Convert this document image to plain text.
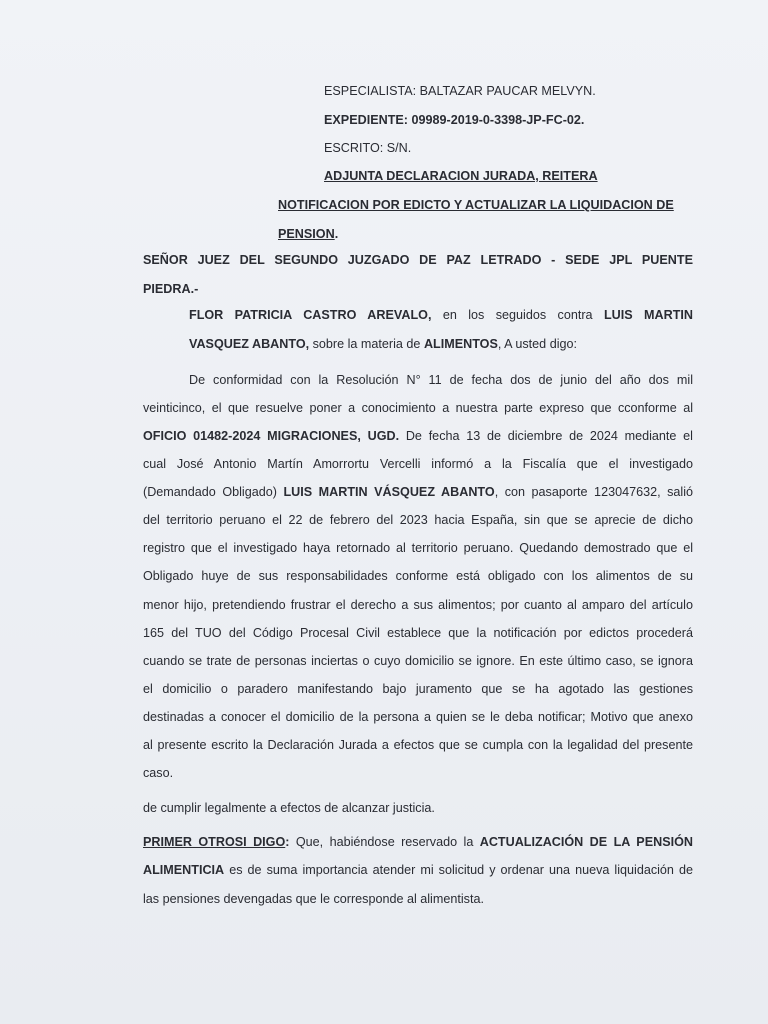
ESPECIALISTA: BALTAZAR PAUCAR MELVYN.
EXPEDIENTE: 09989-2019-0-3398-JP-FC-02.
ESCRITO: S/N.
ADJUNTA DECLARACION JURADA, REITERA
NOTIFICACION POR EDICTO Y ACTUALIZAR LA LIQUIDACION DE
PENSION.
SEÑOR JUEZ DEL SEGUNDO JUZGADO DE PAZ LETRADO - SEDE JPL PUENTE
PIEDRA.-
FLOR PATRICIA CASTRO AREVALO, en los seguidos contra LUIS MARTIN
VASQUEZ ABANTO, sobre la materia de ALIMENTOS, A usted digo:
De conformidad con la Resolución N° 11 de fecha dos de junio del año dos mil
veinticinco, el que resuelve poner a conocimiento a nuestra parte expreso que cconforme al
OFICIO 01482-2024 MIGRACIONES, UGD. De fecha 13 de diciembre de 2024 mediante el
cual José Antonio Martín Amorrortu Vercelli informó a la Fiscalía que el investigado
(Demandado Obligado) LUIS MARTIN VÁSQUEZ ABANTO, con pasaporte 123047632, salió
del territorio peruano el 22 de febrero del 2023 hacia España, sin que se aprecie de dicho
registro que el investigado haya retornado al territorio peruano. Quedando demostrado que el
Obligado huye de sus responsabilidades conforme está obligado con los alimentos de su
menor hijo, pretendiendo frustrar el derecho a sus alimentos; por cuanto al amparo del artículo
165 del TUO del Código Procesal Civil establece que la notificación por edictos procederá
cuando se trate de personas inciertas o cuyo domicilio se ignore. En este último caso, se ignora
el domicilio o paradero manifestando bajo juramento que se ha agotado las gestiones
destinadas a conocer el domicilio de la persona a quien se le deba notificar; Motivo que anexo
al presente escrito la Declaración Jurada a efectos que se cumpla con la legalidad del presente
caso.
de cumplir legalmente a efectos de alcanzar justicia.
PRIMER OTROSI DIGO: Que, habiéndose reservado la ACTUALIZACIÓN DE LA PENSIÓN
ALIMENTICIA es de suma importancia atender mi solicitud y ordenar una nueva liquidación de
las pensiones devengadas que le corresponde al alimentista.
